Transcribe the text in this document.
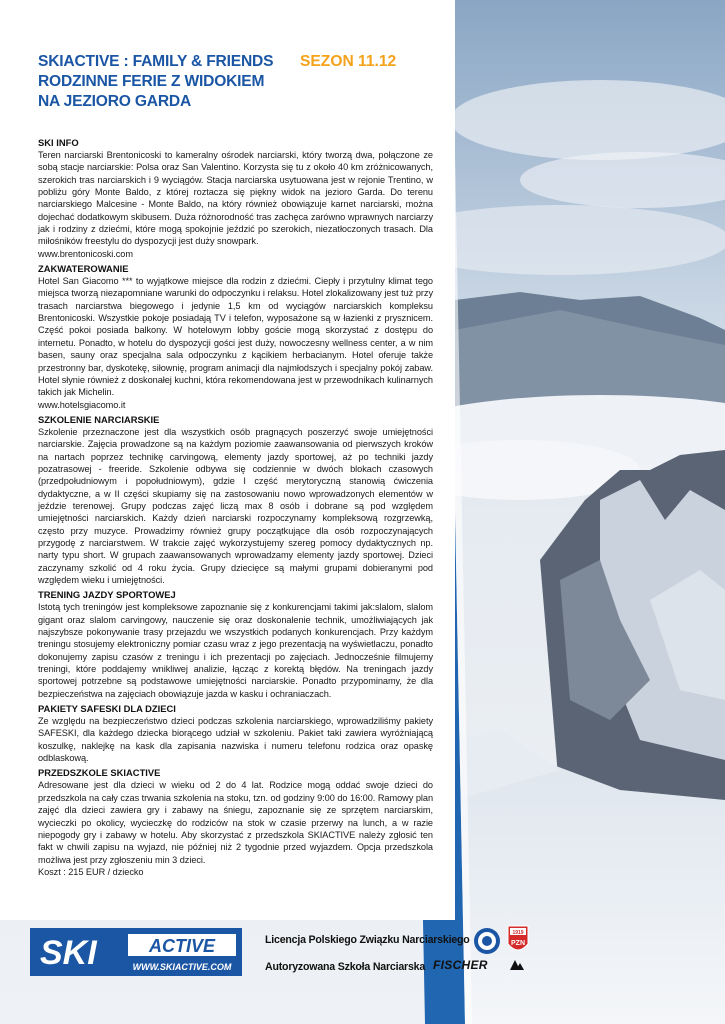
SKIACTIVE : FAMILY & FRIENDS	SEZON 11.12
RODZINNE FERIE Z WIDOKIEM
NA JEZIORO GARDA
SKI INFO

Teren narciarski Brentonicoski to kameralny ośrodek narciarski, który tworzą dwa, połączone ze sobą stacje narciarskie: Polsa oraz San Valentino. Korzysta się tu z około 40 km zróżnicowanych, szerokich tras narciarskich i 9 wyciągów. Stacja narciarska usytuowana jest w rejonie Trentino, w pobliżu góry Monte Baldo, z której roztacza się piękny widok na jezioro Garda. Do terenu narciarskiego Malcesine - Monte Baldo, na który również obowiązuje karnet narciarski, można dojechać dodatkowym skibusem. Duża różnorodność tras zachęca zarówno wprawnych narciarzy jak i rodziny z dziećmi, które mogą spokojnie jeździć po szerokich, niezatłoczonych trasach. Dla miłośników freestylu do dyspozycji jest duży snowpark.

www.brentonicoski.com

ZAKWATEROWANIE

Hotel San Giacomo *** to wyjątkowe miejsce dla rodzin z dziećmi. Ciepły i przytulny klimat tego miejsca tworzą niezapomniane warunki do odpoczynku i relaksu. Hotel zlokalizowany jest tuż przy trasach narciarstwa biegowego i jedynie 1,5 km od wyciągów narciarskich kompleksu Brentonicoski. Wszystkie pokoje posiadają TV i telefon, wyposażone są w łazienki z prysznicem. Część pokoi posiada balkony. W hotelowym lobby goście mogą skorzystać z dostępu do internetu. Ponadto, w hotelu do dyspozycji gości jest duży, nowoczesny wellness center, a w nim basen, sauny oraz specjalna sala odpoczynku z kącikiem herbacianym. Hotel oferuje także przestronny bar, dyskotekę, siłownię, program animacji dla najmłodszych i specjalny pokój zabaw. Hotel słynie również z doskonałej kuchni, która rekomendowana jest w przewodnikach kulinarnych takich jak Michelin.

www.hotelsgiacomo.it

SZKOLENIE NARCIARSKIE

Szkolenie przeznaczone jest dla wszystkich osób pragnących poszerzyć swoje umiejętności narciarskie. Zajęcia prowadzone są na każdym poziomie zaawansowania od pierwszych kroków na nartach poprzez technikę carvingową, elementy jazdy sportowej, aż po techniki jazdy pozatrasowej - freeride. Szkolenie odbywa się codziennie w dwóch blokach czasowych (przedpołudniowym i popołudniowym), gdzie I część merytoryczną stanowią ćwiczenia dydaktyczne, a w II części skupiamy się na zastosowaniu nowo wprowadzonych elementów w jeździe terenowej. Grupy podczas zajęć liczą max 8 osób i dobrane są pod względem umiejętności narciarskich. Każdy dzień narciarski rozpoczynamy kompleksową rozgrzewką, często przy muzyce. Prowadzimy również grupy początkujące dla osób rozpoczynających przygodę z narciarstwem. W trakcie zajęć wykorzystujemy szereg pomocy dydaktycznych np. narty typu short. W grupach zaawansowanych wprowadzamy elementy jazdy sportowej. Dzieci zaczynamy szkolić od 4 roku życia. Grupy dziecięce są małymi grupami dobieranymi pod względem wieku i umiejętności.

TRENING JAZDY SPORTOWEJ

Istotą tych treningów jest kompleksowe zapoznanie się z konkurencjami takimi jak:slalom, slalom gigant oraz slalom carvingowy, nauczenie się oraz doskonalenie technik, umożliwiających jak najszybsze pokonywanie trasy przejazdu we wszystkich podanych konkurencjach. Przy każdym treningu stosujemy elektroniczny pomiar czasu wraz z jego prezentacją na wyświetlaczu, ponadto dokonujemy zapisu czasów z treningu i ich prezentacji po zajęciach. Jednocześnie filmujemy treningi, które poddajemy wnikliwej analizie, łącząc z korektą błędów. Na treningach jazdy sportowej potrzebne są podstawowe umiejętności narciarskie. Ponadto przypominamy, że dla bezpieczeństwa na zajęciach obowiązuje jazda w kasku i ochraniaczach.

PAKIETY SAFESKI DLA DZIECI

Ze względu na bezpieczeństwo dzieci podczas szkolenia narciarskiego, wprowadziliśmy pakiety SAFESKI, dla każdego dziecka biorącego udział w szkoleniu. Pakiet taki zawiera wyróżniającą koszulkę, naklejkę na kask dla zapisania nazwiska i numeru telefonu rodzica oraz opaskę odblaskową.

PRZEDSZKOLE SKIACTIVE

Adresowane jest dla dzieci w wieku od 2 do 4 lat. Rodzice mogą oddać swoje dzieci do przedszkola na cały czas trwania szkolenia na stoku, tzn. od godziny 9:00 do 16:00. Ramowy plan zajęć dla dzieci zawiera gry i zabawy na śniegu, zapoznanie się ze sprzętem narciarskim, wycieczki po okolicy, wycieczkę do rodziców na stok w czasie przerwy na lunch, a w razie niepogody gry i zabawy w hotelu. Aby skorzystać z przedszkola SKIACTIVE należy zgłosić ten fakt w chwili zapisu na wyjazd, nie później niż 2 tygodnie przed wyjazdem. Opcja przedszkola możliwa jest przy zgłoszeniu min 3 dzieci.

Koszt : 215 EUR / dziecko

SKI	ACTIVE
WWW.SKIACTIVE.COM
Licencja Polskiego Związku Narciarskiego
1919
PZN
Autoryzowana Szkoła Narciarska FISCHER
